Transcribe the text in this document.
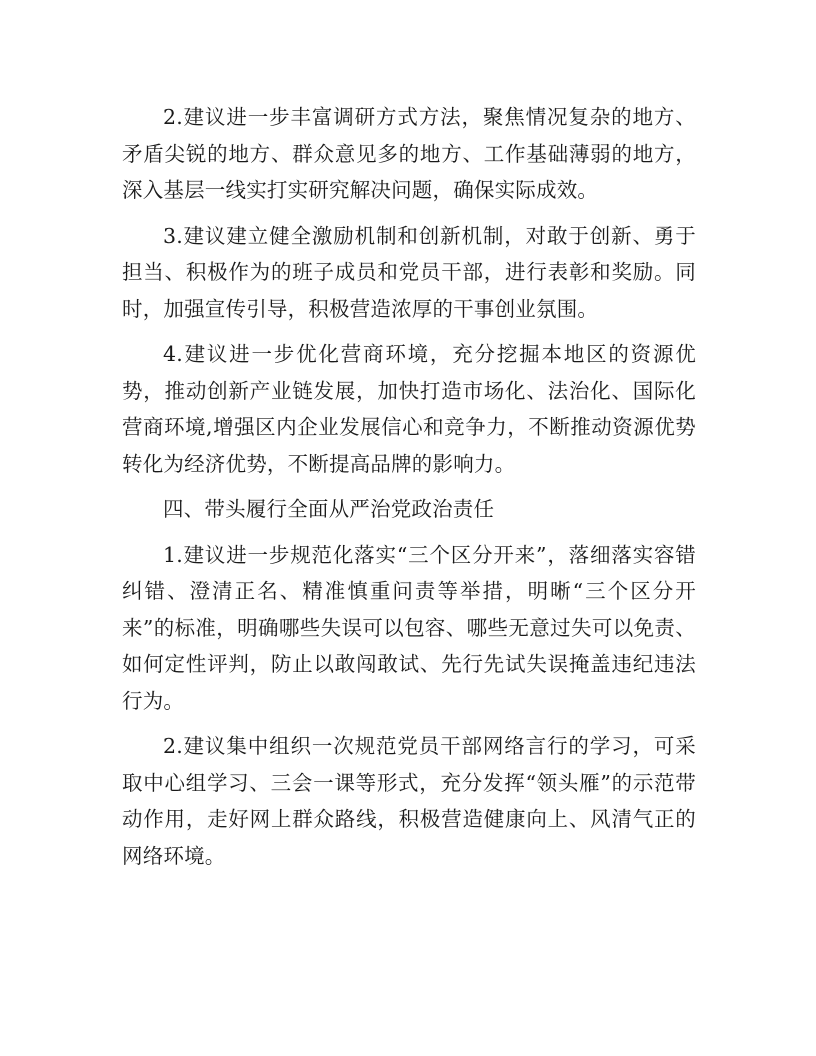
2.建议进一步丰富调研方式方法，聚焦情况复杂的地方、矛盾尖锐的地方、群众意见多的地方、工作基础薄弱的地方，深入基层一线实打实研究解决问题，确保实际成效。

3.建议建立健全激励机制和创新机制，对敢于创新、勇于担当、积极作为的班子成员和党员干部，进行表彰和奖励。同时，加强宣传引导，积极营造浓厚的干事创业氛围。

4.建议进一步优化营商环境，充分挖掘本地区的资源优势，推动创新产业链发展，加快打造市场化、法治化、国际化营商环境,增强区内企业发展信心和竞争力，不断推动资源优势转化为经济优势，不断提高品牌的影响力。

四、带头履行全面从严治党政治责任

1.建议进一步规范化落实“三个区分开来”，落细落实容错纠错、澄清正名、精准慎重问责等举措，明晰“三个区分开来”的标准，明确哪些失误可以包容、哪些无意过失可以免责、如何定性评判，防止以敢闯敢试、先行先试失误掩盖违纪违法行为。

2.建议集中组织一次规范党员干部网络言行的学习，可采取中心组学习、三会一课等形式，充分发挥“领头雁”的示范带动作用，走好网上群众路线，积极营造健康向上、风清气正的网络环境。
